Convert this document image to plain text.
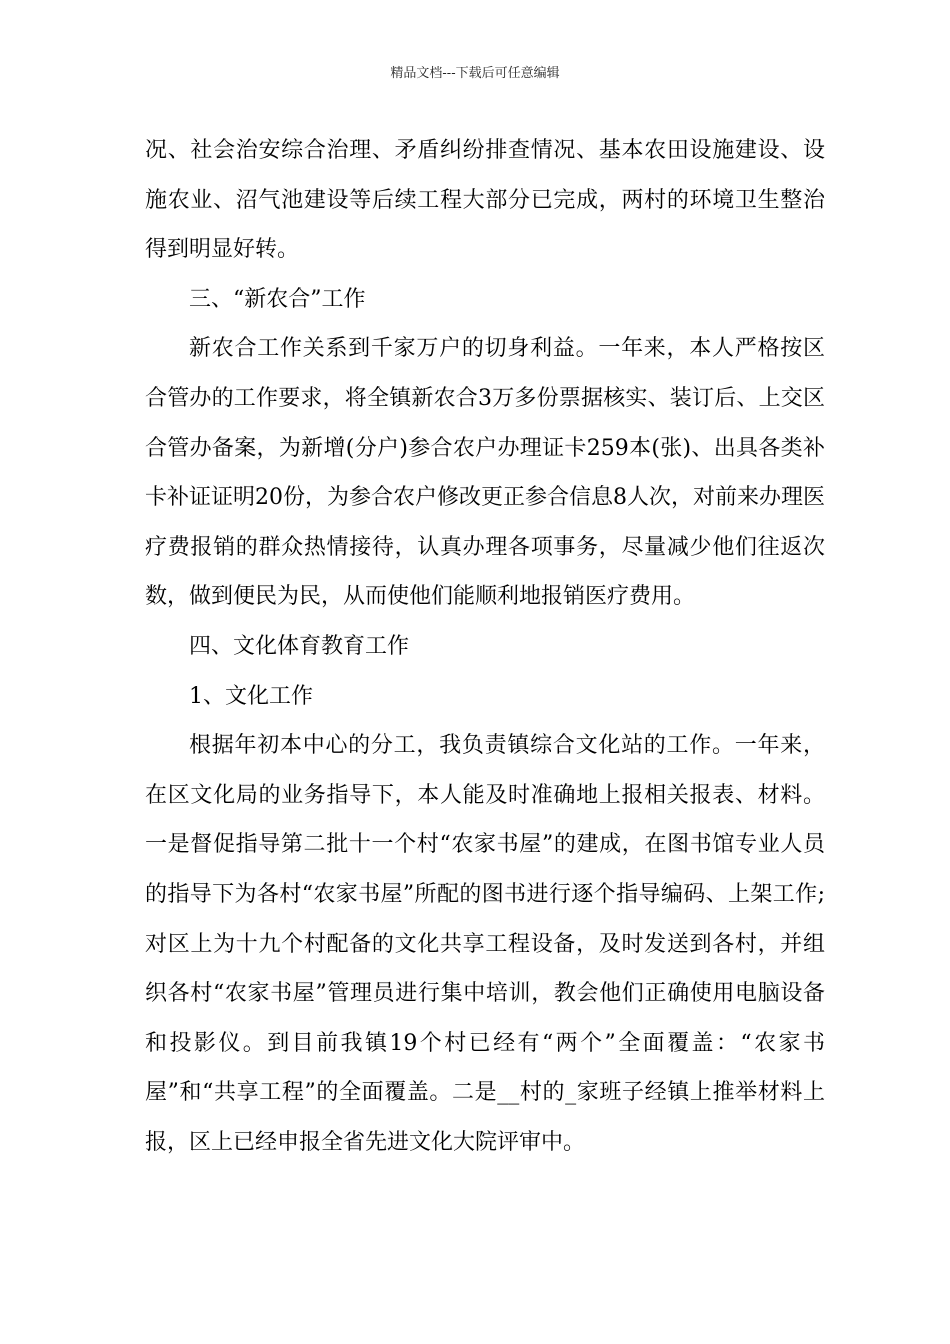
精品文档---下载后可任意编辑

况、社会治安综合治理、矛盾纠纷排查情况、基本农田设施建设、设施农业、沼气池建设等后续工程大部分已完成，两村的环境卫生整治得到明显好转。

三、“新农合”工作

新农合工作关系到千家万户的切身利益。一年来，本人严格按区合管办的工作要求，将全镇新农合3万多份票据核实、装订后、上交区合管办备案，为新增(分户)参合农户办理证卡259本(张)、出具各类补卡补证证明20份，为参合农户修改更正参合信息8人次，对前来办理医疗费报销的群众热情接待，认真办理各项事务，尽量减少他们往返次数，做到便民为民，从而使他们能顺利地报销医疗费用。

四、文化体育教育工作

1、文化工作

根据年初本中心的分工，我负责镇综合文化站的工作。一年来，在区文化局的业务指导下，本人能及时准确地上报相关报表、材料。一是督促指导第二批十一个村“农家书屋”的建成，在图书馆专业人员的指导下为各村“农家书屋”所配的图书进行逐个指导编码、上架工作;对区上为十九个村配备的文化共享工程设备，及时发送到各村，并组织各村“农家书屋”管理员进行集中培训，教会他们正确使用电脑设备和投影仪。到目前我镇19个村已经有“两个”全面覆盖：“农家书屋”和“共享工程”的全面覆盖。二是__村的_家班子经镇上推举材料上报，区上已经申报全省先进文化大院评审中。
